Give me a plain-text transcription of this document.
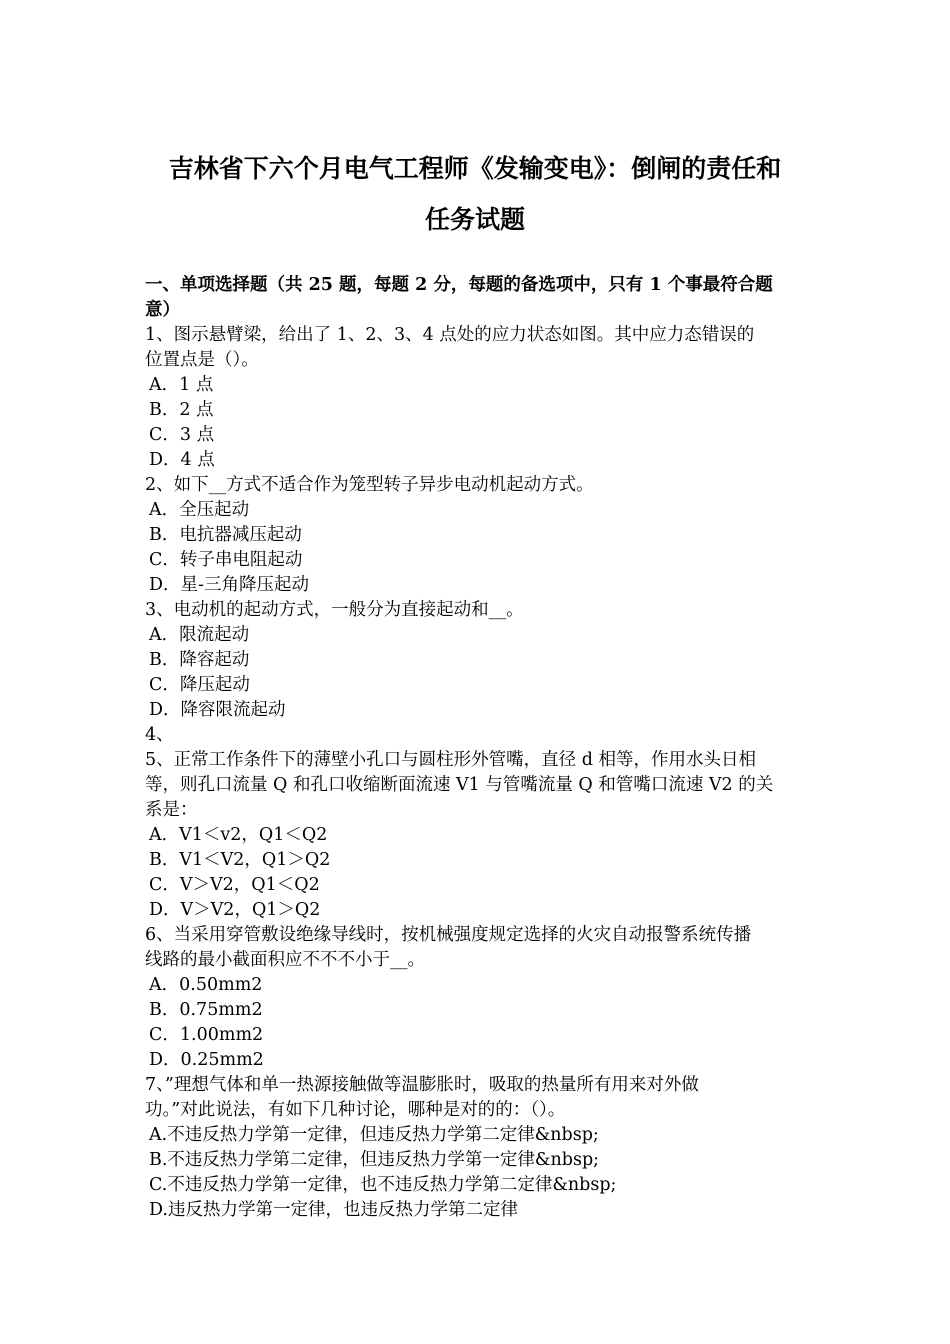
吉林省下六个月电气工程师《发输变电》：倒闸的责任和
任务试题
一、单项选择题（共 25 题，每题 2 分，每题的备选项中，只有 1 个事最符合题
意）
1、图示悬臂梁，给出了 1、2、3、4 点处的应力状态如图。其中应力态错误的
位置点是（）。
A．1 点
B．2 点
C．3 点
D．4 点
2、如下__方式不适合作为笼型转子异步电动机起动方式。
A．全压起动
B．电抗器减压起动
C．转子串电阻起动
D．星-三角降压起动
3、电动机的起动方式，一般分为直接起动和__。
A．限流起动
B．降容起动
C．降压起动
D．降容限流起动
4、
5、正常工作条件下的薄壁小孔口与圆柱形外管嘴，直径 d 相等，作用水头日相
等，则孔口流量 Q 和孔口收缩断面流速 V1 与管嘴流量 Q 和管嘴口流速 V2 的关
系是：
A．V1＜v2，Q1＜Q2
B．V1＜V2，Q1＞Q2
C．V＞V2，Q1＜Q2
D．V＞V2，Q1＞Q2
6、当采用穿管敷设绝缘导线时，按机械强度规定选择的火灾自动报警系统传播
线路的最小截面积应不不不小于__。
A．0.50mm2
B．0.75mm2
C．1.00mm2
D．0.25mm2
7、”理想气体和单一热源接触做等温膨胀时，吸取的热量所有用来对外做
功。”对此说法，有如下几种讨论，哪种是对的的：（）。
A.不违反热力学第一定律，但违反热力学第二定律&nbsp;
B.不违反热力学第二定律，但违反热力学第一定律&nbsp;
C.不违反热力学第一定律，也不违反热力学第二定律&nbsp;
D.违反热力学第一定律，也违反热力学第二定律
